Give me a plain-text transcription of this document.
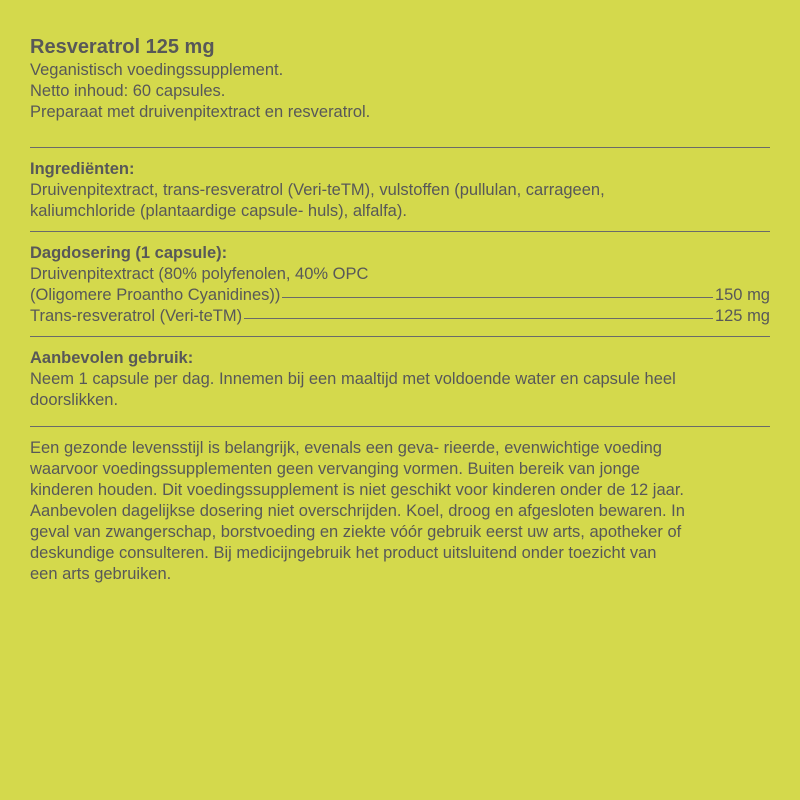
Resveratrol 125 mg
Veganistisch voedingssupplement.
Netto inhoud: 60 capsules.
Preparaat met druivenpitextract en resveratrol.
Ingrediënten:
Druivenpitextract, trans-resveratrol (Veri-teTM), vulstoffen (pullulan, carrageen,
kaliumchloride (plantaardige capsule- huls), alfalfa).
Dagdosering (1 capsule):
Druivenpitextract (80% polyfenolen, 40% OPC
(Oligomere Proantho Cyanidines))	150 mg
Trans-resveratrol (Veri-teTM)	125 mg
Aanbevolen gebruik:
Neem 1 capsule per dag. Innemen bij een maaltijd met voldoende water en capsule heel
doorslikken.
Een gezonde levensstijl is belangrijk, evenals een geva- rieerde, evenwichtige voeding
waarvoor voedingssupplementen geen vervanging vormen. Buiten bereik van jonge
kinderen houden. Dit voedingssupplement is niet geschikt voor kinderen onder de 12 jaar.
Aanbevolen dagelijkse dosering niet overschrijden. Koel, droog en afgesloten bewaren. In
geval van zwangerschap, borstvoeding en ziekte vóór gebruik eerst uw arts, apotheker of
deskundige consulteren. Bij medicijngebruik het product uitsluitend onder toezicht van
een arts gebruiken.
